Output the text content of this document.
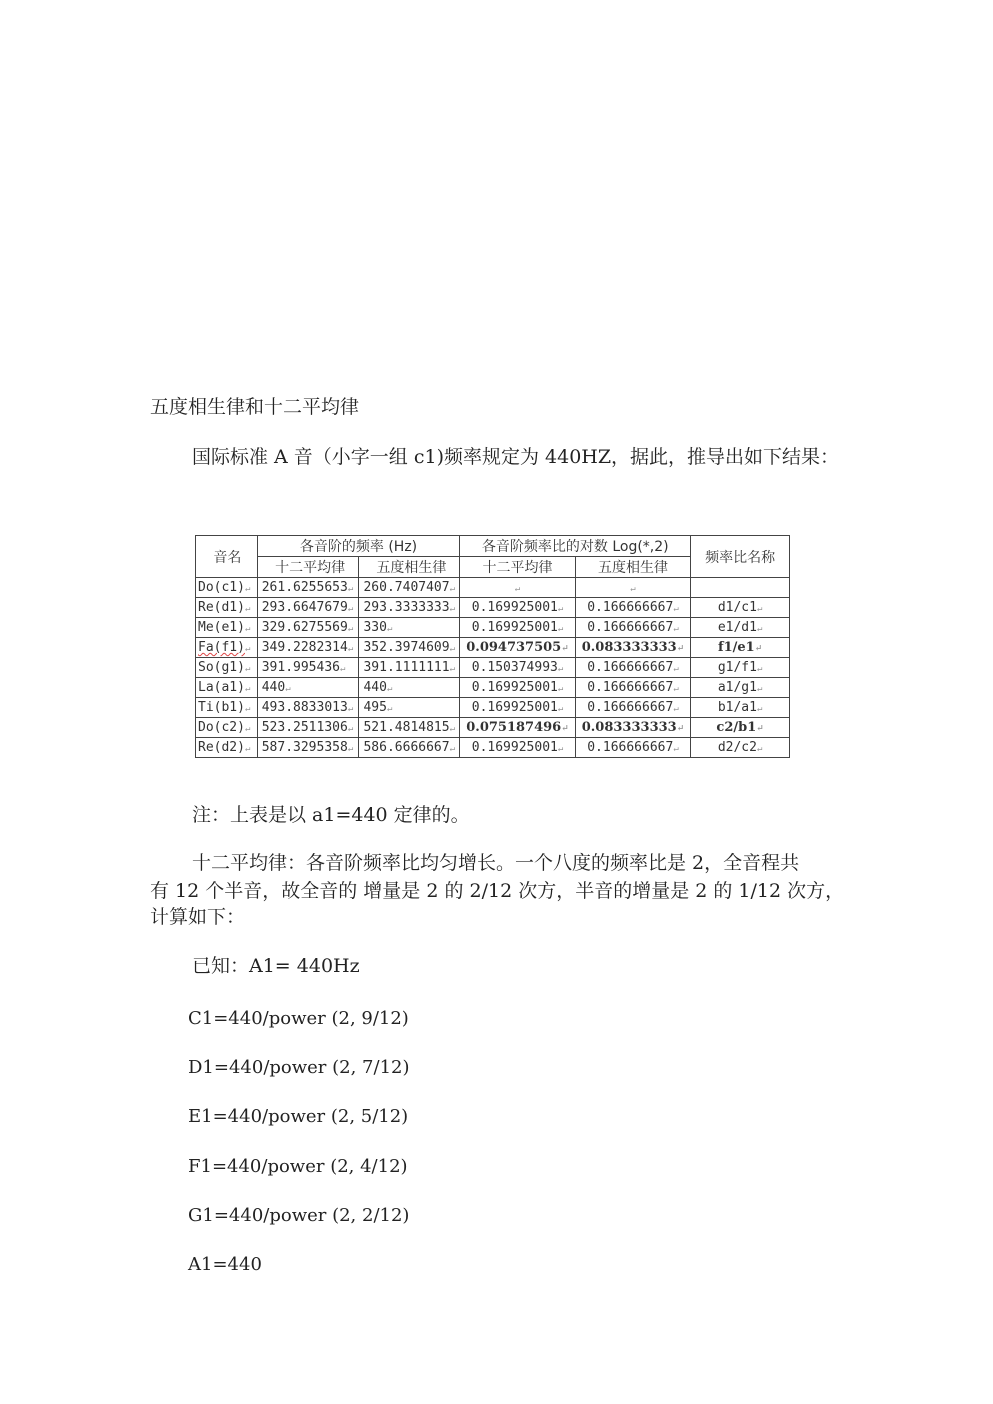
五度相生律和十二平均律
国际标准 A 音（小字一组 c1)频率规定为 440HZ，据此，推导出如下结果：
音名	各音阶的频率 (Hz)		各音阶频率比的对数 Log(*,2)		频率比名称
	十二平均律	五度相生律	十二平均律	五度相生律	
Do(c1)↵	261.6255653↵	260.7407407↵	↵	↵	
Re(d1)↵	293.6647679↵	293.3333333↵	0.169925001↵	0.166666667↵	d1/c1↵
Me(e1)↵	329.6275569↵	330↵	0.169925001↵	0.166666667↵	e1/d1↵
Fa(f1)↵	349.2282314↵	352.3974609↵	0.094737505↵	0.083333333↵	f1/e1↵
So(g1)↵	391.995436↵	391.1111111↵	0.150374993↵	0.166666667↵	g1/f1↵
La(a1)↵	440↵	440↵	0.169925001↵	0.166666667↵	a1/g1↵
Ti(b1)↵	493.8833013↵	495↵	0.169925001↵	0.166666667↵	b1/a1↵
Do(c2)↵	523.2511306↵	521.4814815↵	0.075187496↵	0.083333333↵	c2/b1↵
Re(d2)↵	587.3295358↵	586.6666667↵	0.169925001↵	0.166666667↵	d2/c2↵
注：上表是以 a1=440 定律的。
十二平均律：各音阶频率比均匀增长。一个八度的频率比是 2，全音程共
有 12 个半音，故全音的 增量是 2 的 2/12 次方，半音的增量是 2 的 1/12 次方，
计算如下：
已知：A1= 440Hz
C1=440/power (2, 9/12)
D1=440/power (2, 7/12)
E1=440/power (2, 5/12)
F1=440/power (2, 4/12)
G1=440/power (2, 2/12)
A1=440
